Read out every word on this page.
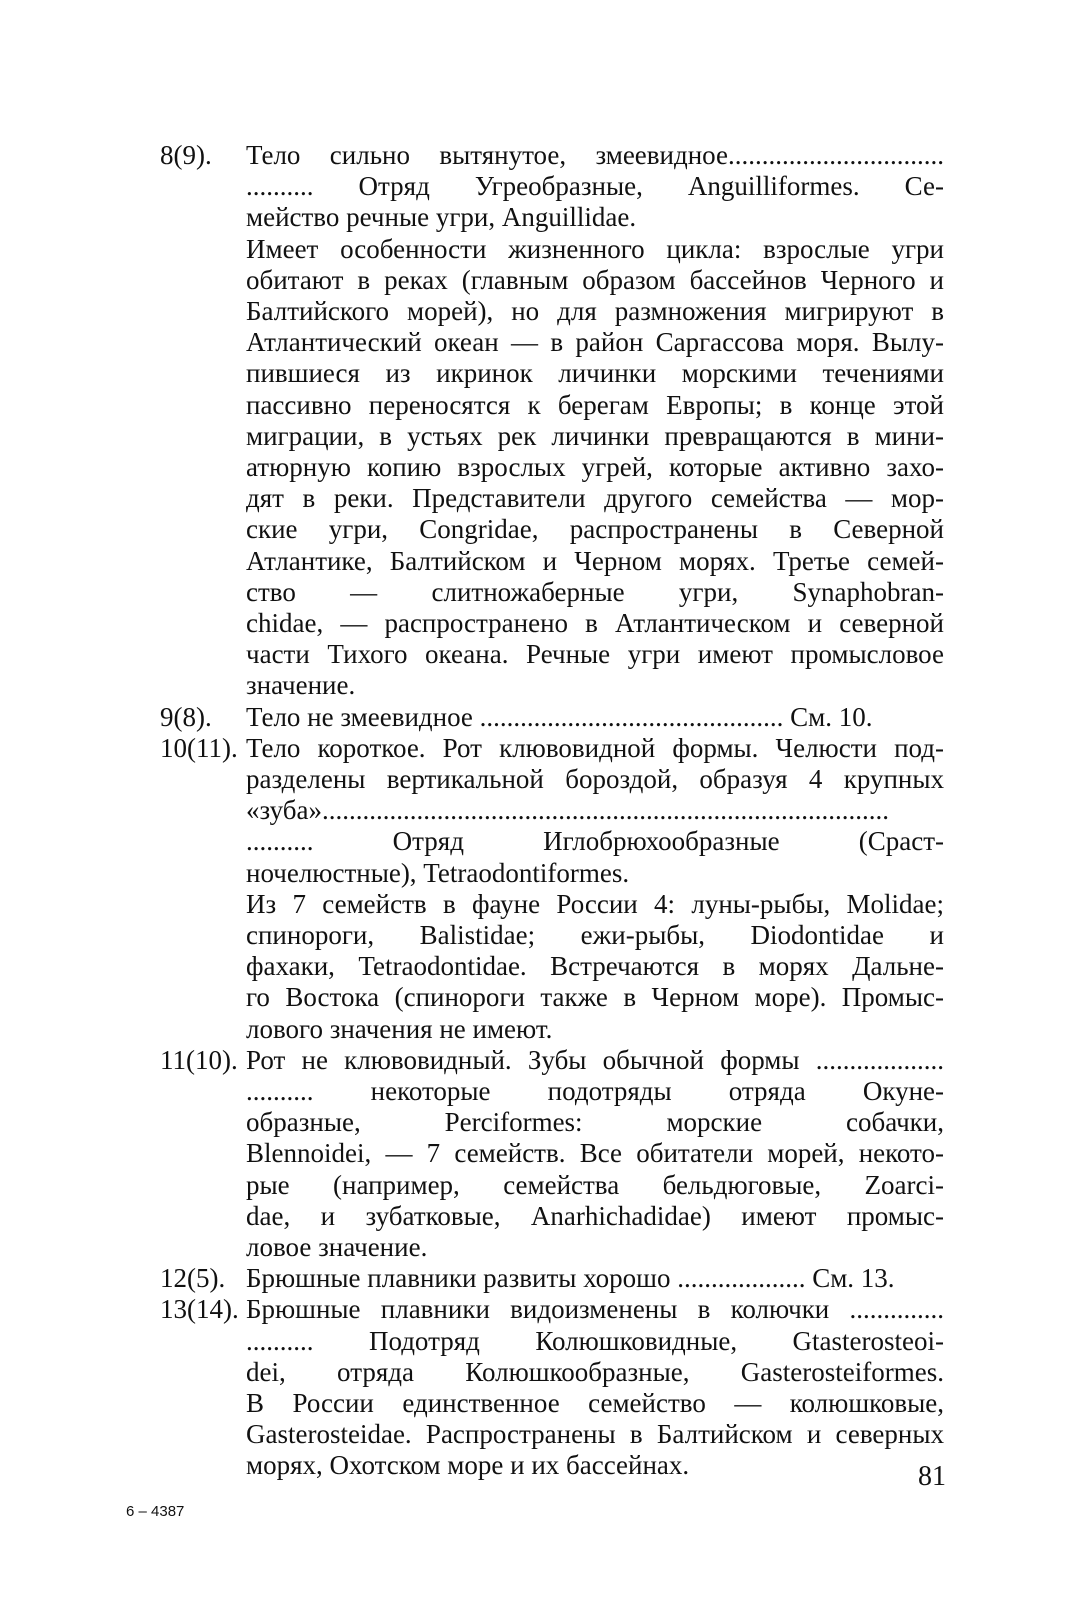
8(9). Тело сильно вытянутое, змеевидное................................
.......... Отряд Угреобразные, Anguilliformes. Се-
мейство речные угри, Anguillidae.
Имеет особенности жизненного цикла: взрослые угри
обитают в реках (главным образом бассейнов Черного и
Балтийского морей), но для размножения мигрируют в
Атлантический океан — в район Саргассова моря. Вылу-
пившиеся из икринок личинки морскими течениями
пассивно переносятся к берегам Европы; в конце этой
миграции, в устьях рек личинки превращаются в мини-
атюрную копию взрослых угрей, которые активно захо-
дят в реки. Представители другого семейства — мор-
ские угри, Congridae, распространены в Северной
Атлантике, Балтийском и Черном морях. Третье семей-
ство — слитножаберные угри, Synaphobran-
chidae, — распространено в Атлантическом и северной
части Тихого океана. Речные угри имеют промысловое
значение.
9(8). Тело не змеевидное ............................................. См. 10.
10(11). Тело короткое. Рот клювовидной формы. Челюсти под-
разделены вертикальной бороздой, образуя 4 крупных
«зуба»....................................................................................
.......... Отряд Иглобрюхообразные (Сраст-
ночелюстные), Tetraodontiformes.
Из 7 семейств в фауне России 4: луны-рыбы, Molidae;
спинороги, Balistidae; ежи-рыбы, Diodontidae и
фахаки, Tetraodontidae. Встречаются в морях Дальне-
го Востока (спинороги также в Черном море). Промыс-
лового значения не имеют.
11(10). Рот не клювовидный. Зубы обычной формы ...................
.......... некоторые подотряды отряда Окуне-
образные, Perciformes: морские собачки,
Blennoidei, — 7 семейств. Все обитатели морей, некото-
рые (например, семейства бельдюговые, Zoarci-
dae, и зубатковые, Anarhichadidae) имеют промыс-
ловое значение.
12(5). Брюшные плавники развиты хорошо ................... См. 13.
13(14). Брюшные плавники видоизменены в колючки ..............
.......... Подотряд Колюшковидные, Gtasterosteoi-
dei, отряда Колюшкообразные, Gasterosteiformes.
В России единственное семейство — колюшковые,
Gasterosteidae. Распространены в Балтийском и северных
морях, Охотском море и их бассейнах.	81
6 – 4387
